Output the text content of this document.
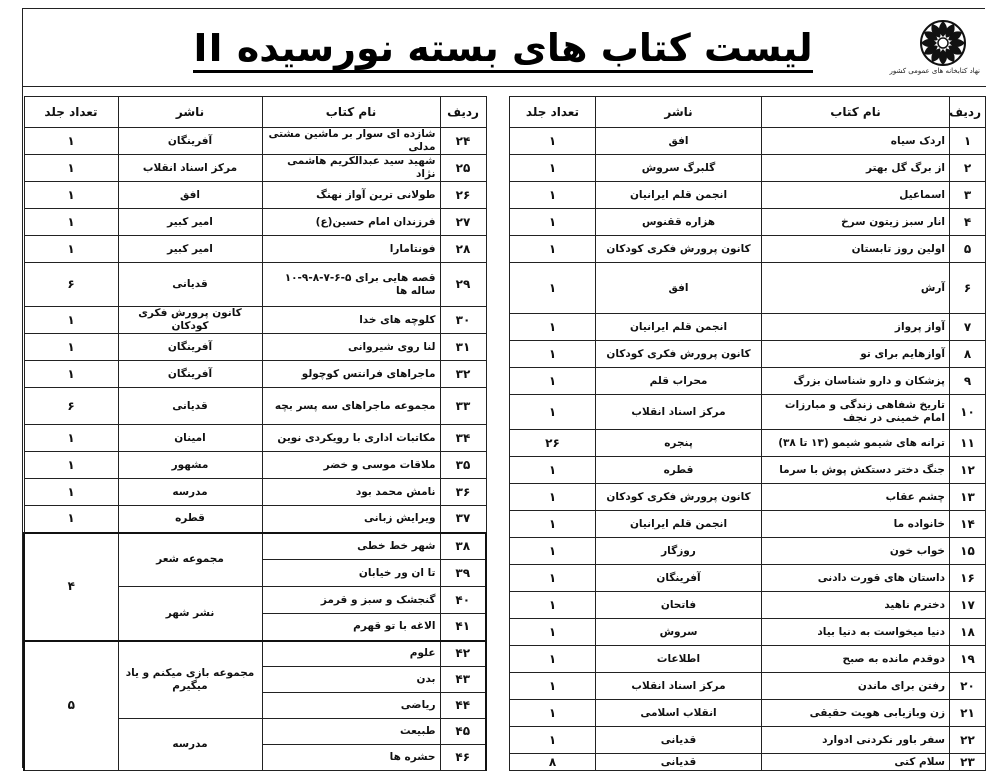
لیست کتاب های بسته نورسیده II
نهاد کتابخانه های عمومی کشور
ردیف	نام کتاب	ناشر	تعداد جلد
۱	اردک سیاه	افق	۱
۲	از برگ گل بهتر	گلبرگ سروش	۱
۳	اسماعیل	انجمن قلم ایرانیان	۱
۴	انار سبز زیتون سرخ	هزاره ققنوس	۱
۵	اولین روز تابستان	کانون پرورش فکری کودکان	۱
۶	آرش	افق	۱
۷	آواز پرواز	انجمن قلم ایرانیان	۱
۸	آوازهایم برای تو	کانون پرورش فکری کودکان	۱
۹	پزشکان و دارو شناسان بزرگ	محراب قلم	۱
۱۰	تاریخ شفاهی زندگی و مبارزات امام خمینی در نجف	مرکز اسناد انقلاب	۱
۱۱	ترانه های شیمو شیمو (۱۳ تا ۳۸)	پنجره	۲۶
۱۲	جنگ دختر دستکش پوش با سرما	قطره	۱
۱۳	چشم عقاب	کانون پرورش فکری کودکان	۱
۱۴	خانواده ما	انجمن قلم ایرانیان	۱
۱۵	خواب خون	روزگار	۱
۱۶	داستان های قورت دادنی	آفرینگان	۱
۱۷	دخترم ناهید	فاتحان	۱
۱۸	دنیا میخواست به دنیا بیاد	سروش	۱
۱۹	دوقدم مانده به صبح	اطلاعات	۱
۲۰	رفتن برای ماندن	مرکز اسناد انقلاب	۱
۲۱	زن وبازیابی هویت حقیقی	انقلاب اسلامی	۱
۲۲	سفر باور نکردنی ادوارد	قدیانی	۱
۲۳	سلام کتی	قدیانی	۸
ردیف	نام کتاب	ناشر	تعداد جلد
۲۴	شازده ای سوار بر ماشین مشتی مدلی	آفرینگان	۱
۲۵	شهید سید عبدالکریم هاشمی نژاد	مرکز اسناد انقلاب	۱
۲۶	طولانی ترین آواز نهنگ	افق	۱
۲۷	فرزندان امام حسین(ع)	امیر کبیر	۱
۲۸	فونتامارا	امیر کبیر	۱
۲۹	قصه هایی برای ۵-۶-۷-۸-۹-۱۰ ساله ها	قدیانی	۶
۳۰	کلوچه های خدا	کانون پرورش فکری کودکان	۱
۳۱	لنا روی شیروانی	آفرینگان	۱
۳۲	ماجراهای فرانتس کوچولو	آفرینگان	۱
۳۳	مجموعه ماجراهای سه پسر بچه	قدیانی	۶
۳۴	مکاتبات اداری با رویکردی نوین	امینان	۱
۳۵	ملاقات موسی و خضر	مشهور	۱
۳۶	نامش محمد بود	مدرسه	۱
۳۷	ویرایش زبانی	قطره	۱
۳۸	شهر خط خطی	مجموعه شعر	۴
۳۹	تا ان ور خیابان		
۴۰	گنجشک و سبز و قرمز	نشر شهر	
۴۱	الاغه با تو قهرم		
۴۲	علوم	مجموعه بازی میکنم و یاد میگیرم	۵
۴۳	بدن		
۴۴	ریاضی		
۴۵	طبیعت	مدرسه	
۴۶	حشره ها		
